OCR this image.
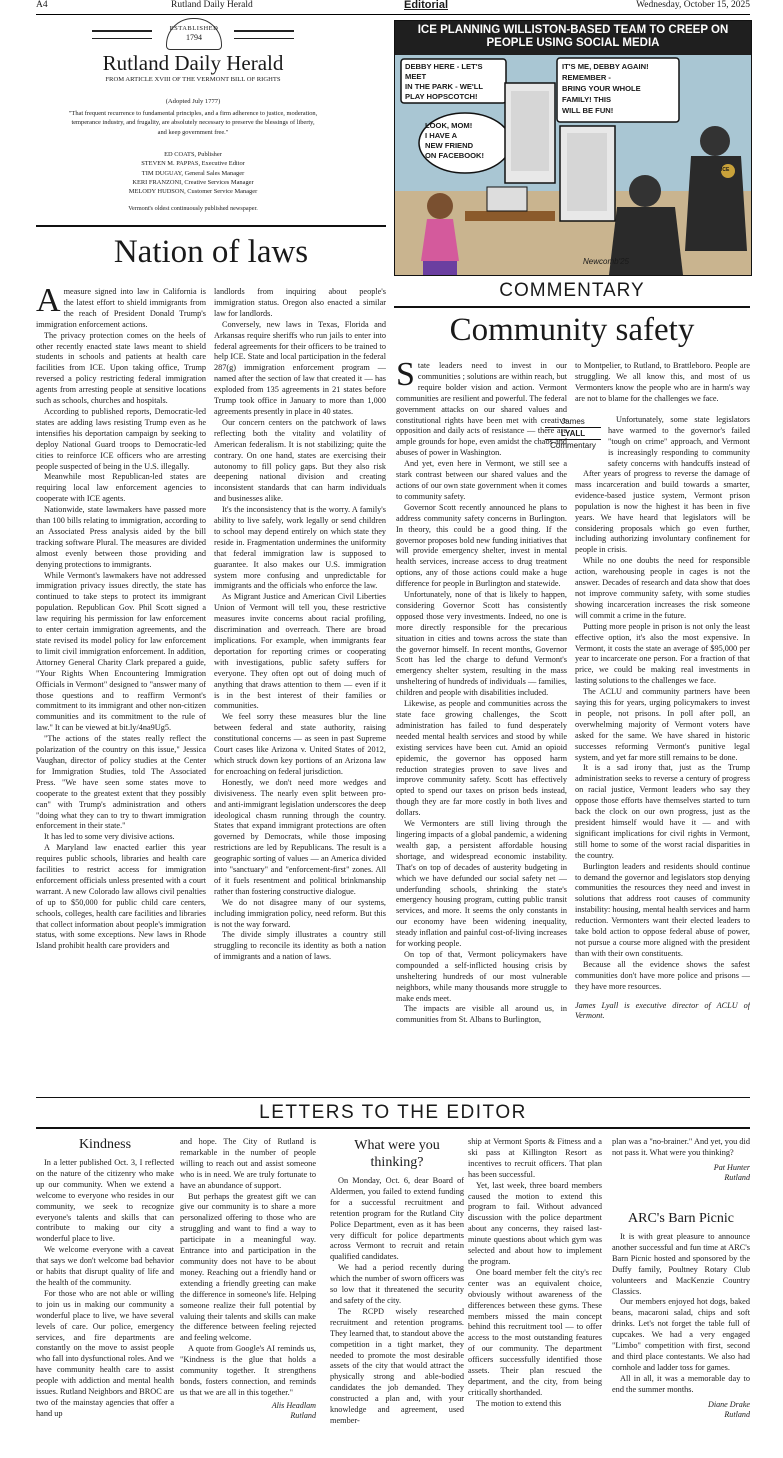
A4	Rutland Daily Herald	Editorial	Wednesday, October 15, 2025
ESTABLISHED
1794
Rutland Daily Herald
FROM ARTICLE XVIII OF THE VERMONT BILL OF RIGHTS
(Adopted July 1777)
"That frequent recurrence to fundamental principles, and a firm adherence to justice, moderation, temperance industry, and frugality, are absolutely necessary to preserve the blessings of liberty, and keep government free."
ED COATS, Publisher
STEVEN M. PAPPAS, Executive Editor
TIM DUGUAY, General Sales Manager
KERI FRANZONI, Creative Services Manager
MELODY HUDSON, Customer Service Manager
Vermont's oldest continuously published newspaper.
ICE PLANNING WILLISTON-BASED TEAM TO CREEP ON PEOPLE USING SOCIAL MEDIA
DEBBY HERE - LET'S MEET
IN THE PARK - WE'LL
PLAY HOPSCOTCH!
IT'S ME, DEBBY AGAIN!
REMEMBER -
BRING YOUR WHOLE
FAMILY! THIS
WILL BE FUN!
LOOK, MOM!
I HAVE A
NEW FRIEND
ON FACEBOOK!
ICE
Newcomb'25
Nation of laws

Ameasure signed into law in California is the latest effort to shield immigrants from the reach of President Donald Trump's immigration enforcement actions.

The privacy protection comes on the heels of other recently enacted state laws meant to shield students in schools and patients at health care facilities from ICE. Upon taking office, Trump reversed a policy restricting federal immigration agents from arresting people at sensitive locations such as schools, churches and hospitals.

According to published reports, Democratic-led states are adding laws resisting Trump even as he intensifies his deportation campaign by seeking to deploy National Guard troops to Democratic-led cities to reinforce ICE officers who are arresting people suspected of being in the U.S. illegally.

Meanwhile most Republican-led states are requiring local law enforcement agencies to cooperate with ICE agents.

Nationwide, state lawmakers have passed more than 100 bills relating to immigration, according to an Associated Press analysis aided by the bill tracking software Plural. The measures are divided almost evenly between those providing and denying protections to immigrants.

While Vermont's lawmakers have not addressed immigration privacy issues directly, the state has continued to take steps to protect its immigrant population. Republican Gov. Phil Scott signed a law requiring his permission for law enforcement to enter certain immigration agreements, and the state revised its model policy for law enforcement to limit civil immigration enforcement. In addition, Attorney General Charity Clark prepared a guide, "Your Rights When Encountering Immigration Officials in Vermont" designed to "answer many of those questions and to reaffirm Vermont's commitment to its immigrant and other non-citizen communities and its commitment to the rule of law." It can be viewed at bit.ly/4na9Ug5.

"The actions of the states really reflect the polarization of the country on this issue," Jessica Vaughan, director of policy studies at the Center for Immigration Studies, told The Associated Press. "We have seen some states move to cooperate to the greatest extent that they possibly can" with Trump's administration and others "doing what they can to try to thwart immigration enforcement in their state."

It has led to some very divisive actions.

A Maryland law enacted earlier this year requires public schools, libraries and health care facilities to restrict access for immigration enforcement officials unless presented with a court warrant. A new Colorado law allows civil penalties of up to $50,000 for public child care centers, schools, colleges, health care facilities and libraries that collect information about people's immigration status, with some exceptions. New laws in Rhode Island prohibit health care providers and

landlords from inquiring about people's immigration status. Oregon also enacted a similar law for landlords.

Conversely, new laws in Texas, Florida and Arkansas require sheriffs who run jails to enter into federal agreements for their officers to be trained to help ICE. State and local participation in the federal 287(g) immigration enforcement program — named after the section of law that created it — has exploded from 135 agreements in 21 states before Trump took office in January to more than 1,000 agreements presently in place in 40 states.

Our concern centers on the patchwork of laws reflecting both the vitality and volatility of American federalism. It is not stabilizing; quite the contrary. On one hand, states are exercising their autonomy to fill policy gaps. But they also risk deepening national division and creating inconsistent standards that can harm individuals and businesses alike.

It's the inconsistency that is the worry. A family's ability to live safely, work legally or send children to school may depend entirely on which state they reside in. Fragmentation undermines the uniformity that federal immigration law is supposed to guarantee. It also makes our U.S. immigration system more confusing and unpredictable for immigrants and the officials who enforce the law.

As Migrant Justice and American Civil Liberties Union of Vermont will tell you, these restrictive measures invite concerns about racial profiling, discrimination and overreach. There are broad implications. For example, when immigrants fear deportation for reporting crimes or cooperating with investigations, public safety suffers for everyone. They often opt out of doing much of anything that draws attention to them — even if it is in the best interest of their families or communities.

We feel sorry these measures blur the line between federal and state authority, raising constitutional concerns — as seen in past Supreme Court cases like Arizona v. United States of 2012, which struck down key portions of an Arizona law for encroaching on federal jurisdiction.

Honestly, we don't need more wedges and divisiveness. The nearly even split between pro- and anti-immigrant legislation underscores the deep ideological chasm running through the country. States that expand immigrant protections are often governed by Democrats, while those imposing restrictions are led by Republicans. The result is a geographic sorting of values — an America divided into "sanctuary" and "enforcement-first" zones. All of it fuels resentment and political brinkmanship rather than fostering constructive dialogue.

We do not disagree many of our systems, including immigration policy, need reform. But this is not the way forward.

The divide simply illustrates a country still struggling to reconcile its identity as both a nation of immigrants and a nation of laws.

COMMENTARY
Community safety

State leaders need to invest in our communities ; solutions are within reach, but require bolder vision and action. Vermont communities are resilient and powerful. The federal government attacks on our shared values and constitutional rights have been met with creative opposition and daily acts of resistance — there are ample grounds for hope, even amidst the chaos and abuses of power in Washington.

And yet, even here in Vermont, we still see a stark contrast between our shared values and the actions of our own state government when it comes to community safety.

Governor Scott recently announced he plans to address community safety concerns in Burlington. In theory, this could be a good thing. If the governor proposes bold new funding initiatives that will provide emergency shelter, invest in mental health services, increase access to drug treatment options, any of those actions could make a huge difference for people in Burlington and statewide.

Unfortunately, none of that is likely to happen, considering Governor Scott has consistently opposed those very investments. Indeed, no one is more directly responsible for the precarious situation in cities and towns across the state than the governor himself. In recent months, Governor Scott has led the charge to defund Vermont's emergency shelter system, resulting in the mass unsheltering of hundreds of individuals — families, children and people with disabilities included.

Likewise, as people and communities across the state face growing challenges, the Scott administration has failed to fund desperately needed mental health services and stood by while existing services have been cut. Amid an opioid epidemic, the governor has opposed harm reduction strategies proven to save lives and improve community safety. Scott has effectively opted to spend our taxes on prison beds instead, though they are far more costly in both lives and dollars.

We Vermonters are still living through the lingering impacts of a global pandemic, a widening wealth gap, a persistent affordable housing shortage, and widespread economic instability. That's on top of decades of austerity budgeting in which we have defunded our social safety net — underfunding schools, shrinking the state's emergency housing program, cutting public transit services, and more. It seems the only constants in our economy have been widening inequality, steady inflation and painful cost-of-living increases for working people.

On top of that, Vermont policymakers have compounded a self-inflicted housing crisis by unsheltering hundreds of our most vulnerable neighbors, while many thousands more struggle to make ends meet.

The impacts are visible all around us, in communities from St. Albans to Burlington,

to Montpelier, to Rutland, to Brattleboro. People are struggling. We all know this, and most of us Vermonters know the people who are in harm's way are not to blame for the challenges we face.

James
LYALL
Commentary

Unfortunately, some state legislators have warmed to the governor's failed "tough on crime" approach, and Vermont is increasingly responding to community safety concerns with handcuffs instead of

After years of progress to reverse the damage of mass incarceration and build towards a smarter, evidence-based justice system, Vermont prison population is now the highest it has been in five years. We have heard that legislators will be considering proposals which go even further, including authorizing involuntary confinement for people in crisis.

While no one doubts the need for responsible action, warehousing people in cages is not the answer. Decades of research and data show that does not improve community safety, with some studies showing incarceration increases the risk someone will commit a crime in the future.

Putting more people in prison is not only the least effective option, it's also the most expensive. In Vermont, it costs the state an average of $95,000 per year to incarcerate one person. For a fraction of that price, we could be making real investments in lasting solutions to the challenges we face.

The ACLU and community partners have been saying this for years, urging policymakers to invest in people, not prisons. In poll after poll, an overwhelming majority of Vermont voters have asked for the same. We have shared in historic successes reforming Vermont's punitive legal system, and yet far more still remains to be done.

It is a sad irony that, just as the Trump administration seeks to reverse a century of progress on racial justice, Vermont leaders who say they oppose those efforts have themselves started to turn back the clock on our own progress, just as the president himself would have it — and with significant implications for civil rights in Vermont, still home to some of the worst racial disparities in the country.

Burlington leaders and residents should continue to demand the governor and legislators stop denying communities the resources they need and invest in solutions that address root causes of community instability: housing, mental health services and harm reduction. Vermonters want their elected leaders to take bold action to oppose federal abuse of power, not pursue a course more aligned with the president than with their own constituents.

Because all the evidence shows the safest communities don't have more police and prisons — they have more resources.

James Lyall is executive director of ACLU of Vermont.

LETTERS TO THE EDITOR
Kindness

In a letter published Oct. 3, I reflected on the nature of the citizenry who make up our community. When we extend a welcome to everyone who resides in our community, we seek to recognize everyone's talents and skills that can contribute to making our city a wonderful place to live.

We welcome everyone with a caveat that says we don't welcome bad behavior or habits that disrupt quality of life and the health of the community.

For those who are not able or willing to join us in making our community a wonderful place to live, we have several levels of care. Our police, emergency services, and fire departments are constantly on the move to assist people who fall into dysfunctional roles. And we have community health care to assist people with addiction and mental health issues. Rutland Neighbors and BROC are two of the mainstay agencies that offer a hand up

and hope. The City of Rutland is remarkable in the number of people willing to reach out and assist someone who is in need. We are truly fortunate to have an abundance of support.

But perhaps the greatest gift we can give our community is to share a more personalized offering to those who are struggling and want to find a way to participate in a meaningful way. Entrance into and participation in the community does not have to be about money. Reaching out a friendly hand or extending a friendly greeting can make the difference in someone's life. Helping someone realize their full potential by valuing their talents and skills can make the difference between feeling rejected and feeling welcome.

A quote from Google's AI reminds us, "Kindness is the glue that holds a community together. It strengthens bonds, fosters connection, and reminds us that we are all in this together."

Alis Headlam
Rutland
What were you thinking?

On Monday, Oct. 6, dear Board of Aldermen, you failed to extend funding for a successful recruitment and retention program for the Rutland City Police Department, even as it has been very difficult for police departments across Vermont to recruit and retain qualified candidates.

We had a period recently during which the number of sworn officers was so low that it threatened the security and safety of the city.

The RCPD wisely researched recruitment and retention programs. They learned that, to standout above the competition in a tight market, they needed to promote the most desirable assets of the city that would attract the physically strong and able-bodied candidates the job demanded. They constructed a plan and, with your knowledge and agreement, used member-

ship at Vermont Sports & Fitness and a ski pass at Killington Resort as incentives to recruit officers. That plan has been successful.

Yet, last week, three board members caused the motion to extend this program to fail. Without advanced discussion with the police department about any concerns, they raised last-minute questions about which gym was selected and about how to implement the program.

One board member felt the city's rec center was an equivalent choice, obviously without awareness of the differences between these gyms. These members missed the main concept behind this recruitment tool — to offer access to the most outstanding features of our community. The department officers successfully identified those assets. Their plan rescued the department, and the city, from being critically shorthanded.

The motion to extend this

plan was a "no-brainer." And yet, you did not pass it. What were you thinking?

Pat Hunter
Rutland
ARC's Barn Picnic

It is with great pleasure to announce another successful and fun time at ARC's Barn Picnic hosted and sponsored by the Duffy family, Poultney Rotary Club volunteers and MacKenzie Country Classics.

Our members enjoyed hot dogs, baked beans, macaroni salad, chips and soft drinks. Let's not forget the table full of cupcakes. We had a very engaged "Limbo" competition with first, second and third place contestants. We also had cornhole and ladder toss for games.

All in all, it was a memorable day to end the summer months.

Diane Drake
Rutland
